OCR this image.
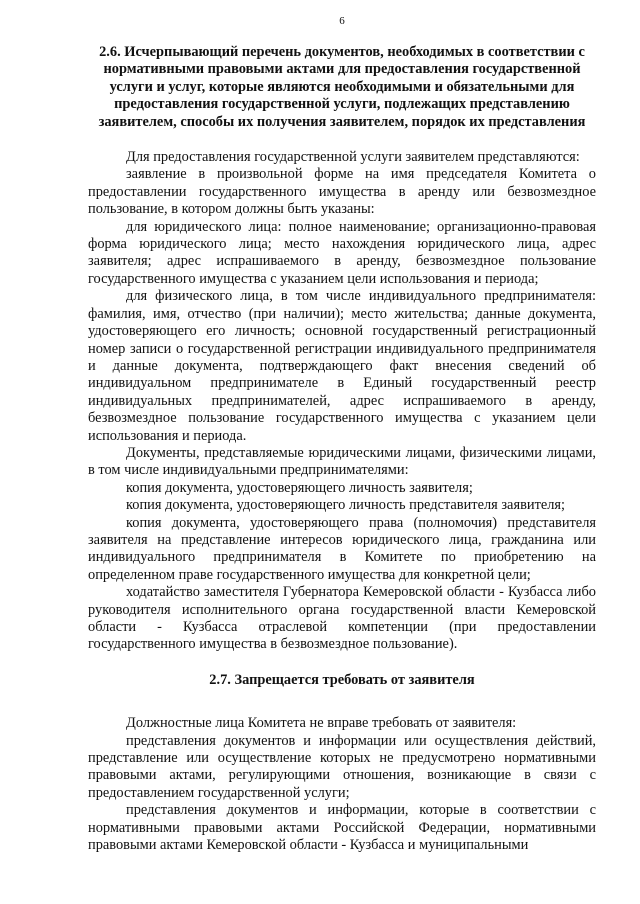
6
2.6. Исчерпывающий перечень документов, необходимых в соответствии с нормативными правовыми актами для предоставления государственной услуги и услуг, которые являются необходимыми и обязательными для предоставления государственной услуги, подлежащих представлению заявителем, способы их получения заявителем, порядок их представления

Для предоставления государственной услуги заявителем представляются:

заявление в произвольной форме на имя председателя Комитета о предоставлении государственного имущества в аренду или безвозмездное пользование, в котором должны быть указаны:

для юридического лица: полное наименование; организационно-правовая форма юридического лица; место нахождения юридического лица, адрес заявителя; адрес испрашиваемого в аренду, безвозмездное пользование государственного имущества с указанием цели использования и периода;

для физического лица, в том числе индивидуального предпринимателя: фамилия, имя, отчество (при наличии); место жительства; данные документа, удостоверяющего его личность; основной государственный регистрационный номер записи о государственной регистрации индивидуального предпринимателя и данные документа, подтверждающего факт внесения сведений об индивидуальном предпринимателе в Единый государственный реестр индивидуальных предпринимателей, адрес испрашиваемого в аренду, безвозмездное пользование государственного имущества с указанием цели использования и периода.

Документы, представляемые юридическими лицами, физическими лицами, в том числе индивидуальными предпринимателями:

копия документа, удостоверяющего личность заявителя;

копия документа, удостоверяющего личность представителя заявителя;

копия документа, удостоверяющего права (полномочия) представителя заявителя на представление интересов юридического лица, гражданина или индивидуального предпринимателя в Комитете по приобретению на определенном праве государственного имущества для конкретной цели;

ходатайство заместителя Губернатора Кемеровской области - Кузбасса либо руководителя исполнительного органа государственной власти Кемеровской области - Кузбасса отраслевой компетенции (при предоставлении государственного имущества в безвозмездное пользование).

2.7. Запрещается требовать от заявителя

Должностные лица Комитета не вправе требовать от заявителя:

представления документов и информации или осуществления действий, представление или осуществление которых не предусмотрено нормативными правовыми актами, регулирующими отношения, возникающие в связи с предоставлением государственной услуги;

представления документов и информации, которые в соответствии с нормативными правовыми актами Российской Федерации, нормативными правовыми актами Кемеровской области - Кузбасса и муниципальными
